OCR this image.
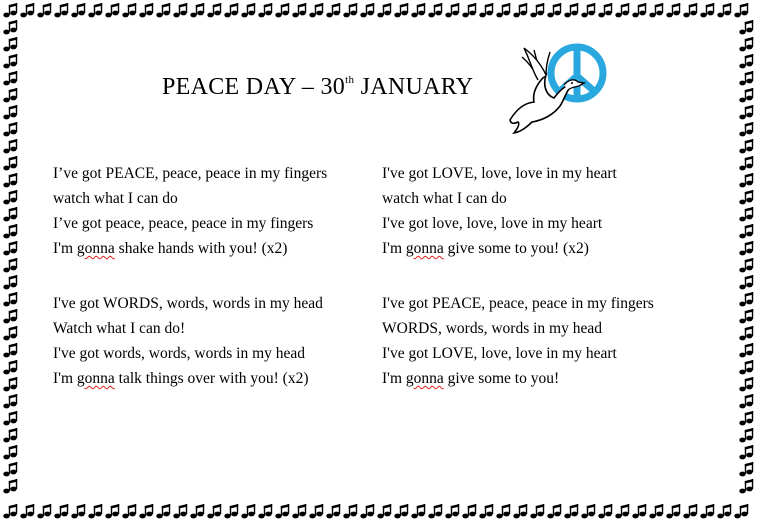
PEACE DAY – 30th JANUARY
I’ve got PEACE, peace, peace in my fingers
watch what I can do
I’ve got peace, peace, peace in my fingers
I'm gonna shake hands with you! (x2)
I've got LOVE, love, love in my heart
watch what I can do
I've got love, love, love in my heart
I'm gonna give some to you! (x2)
I've got WORDS, words, words in my head
Watch what I can do!
I've got words, words, words in my head
I'm gonna talk things over with you! (x2)
I've got PEACE, peace, peace in my fingers
WORDS, words, words in my head
I've got LOVE, love, love in my heart
I'm gonna give some to you!
